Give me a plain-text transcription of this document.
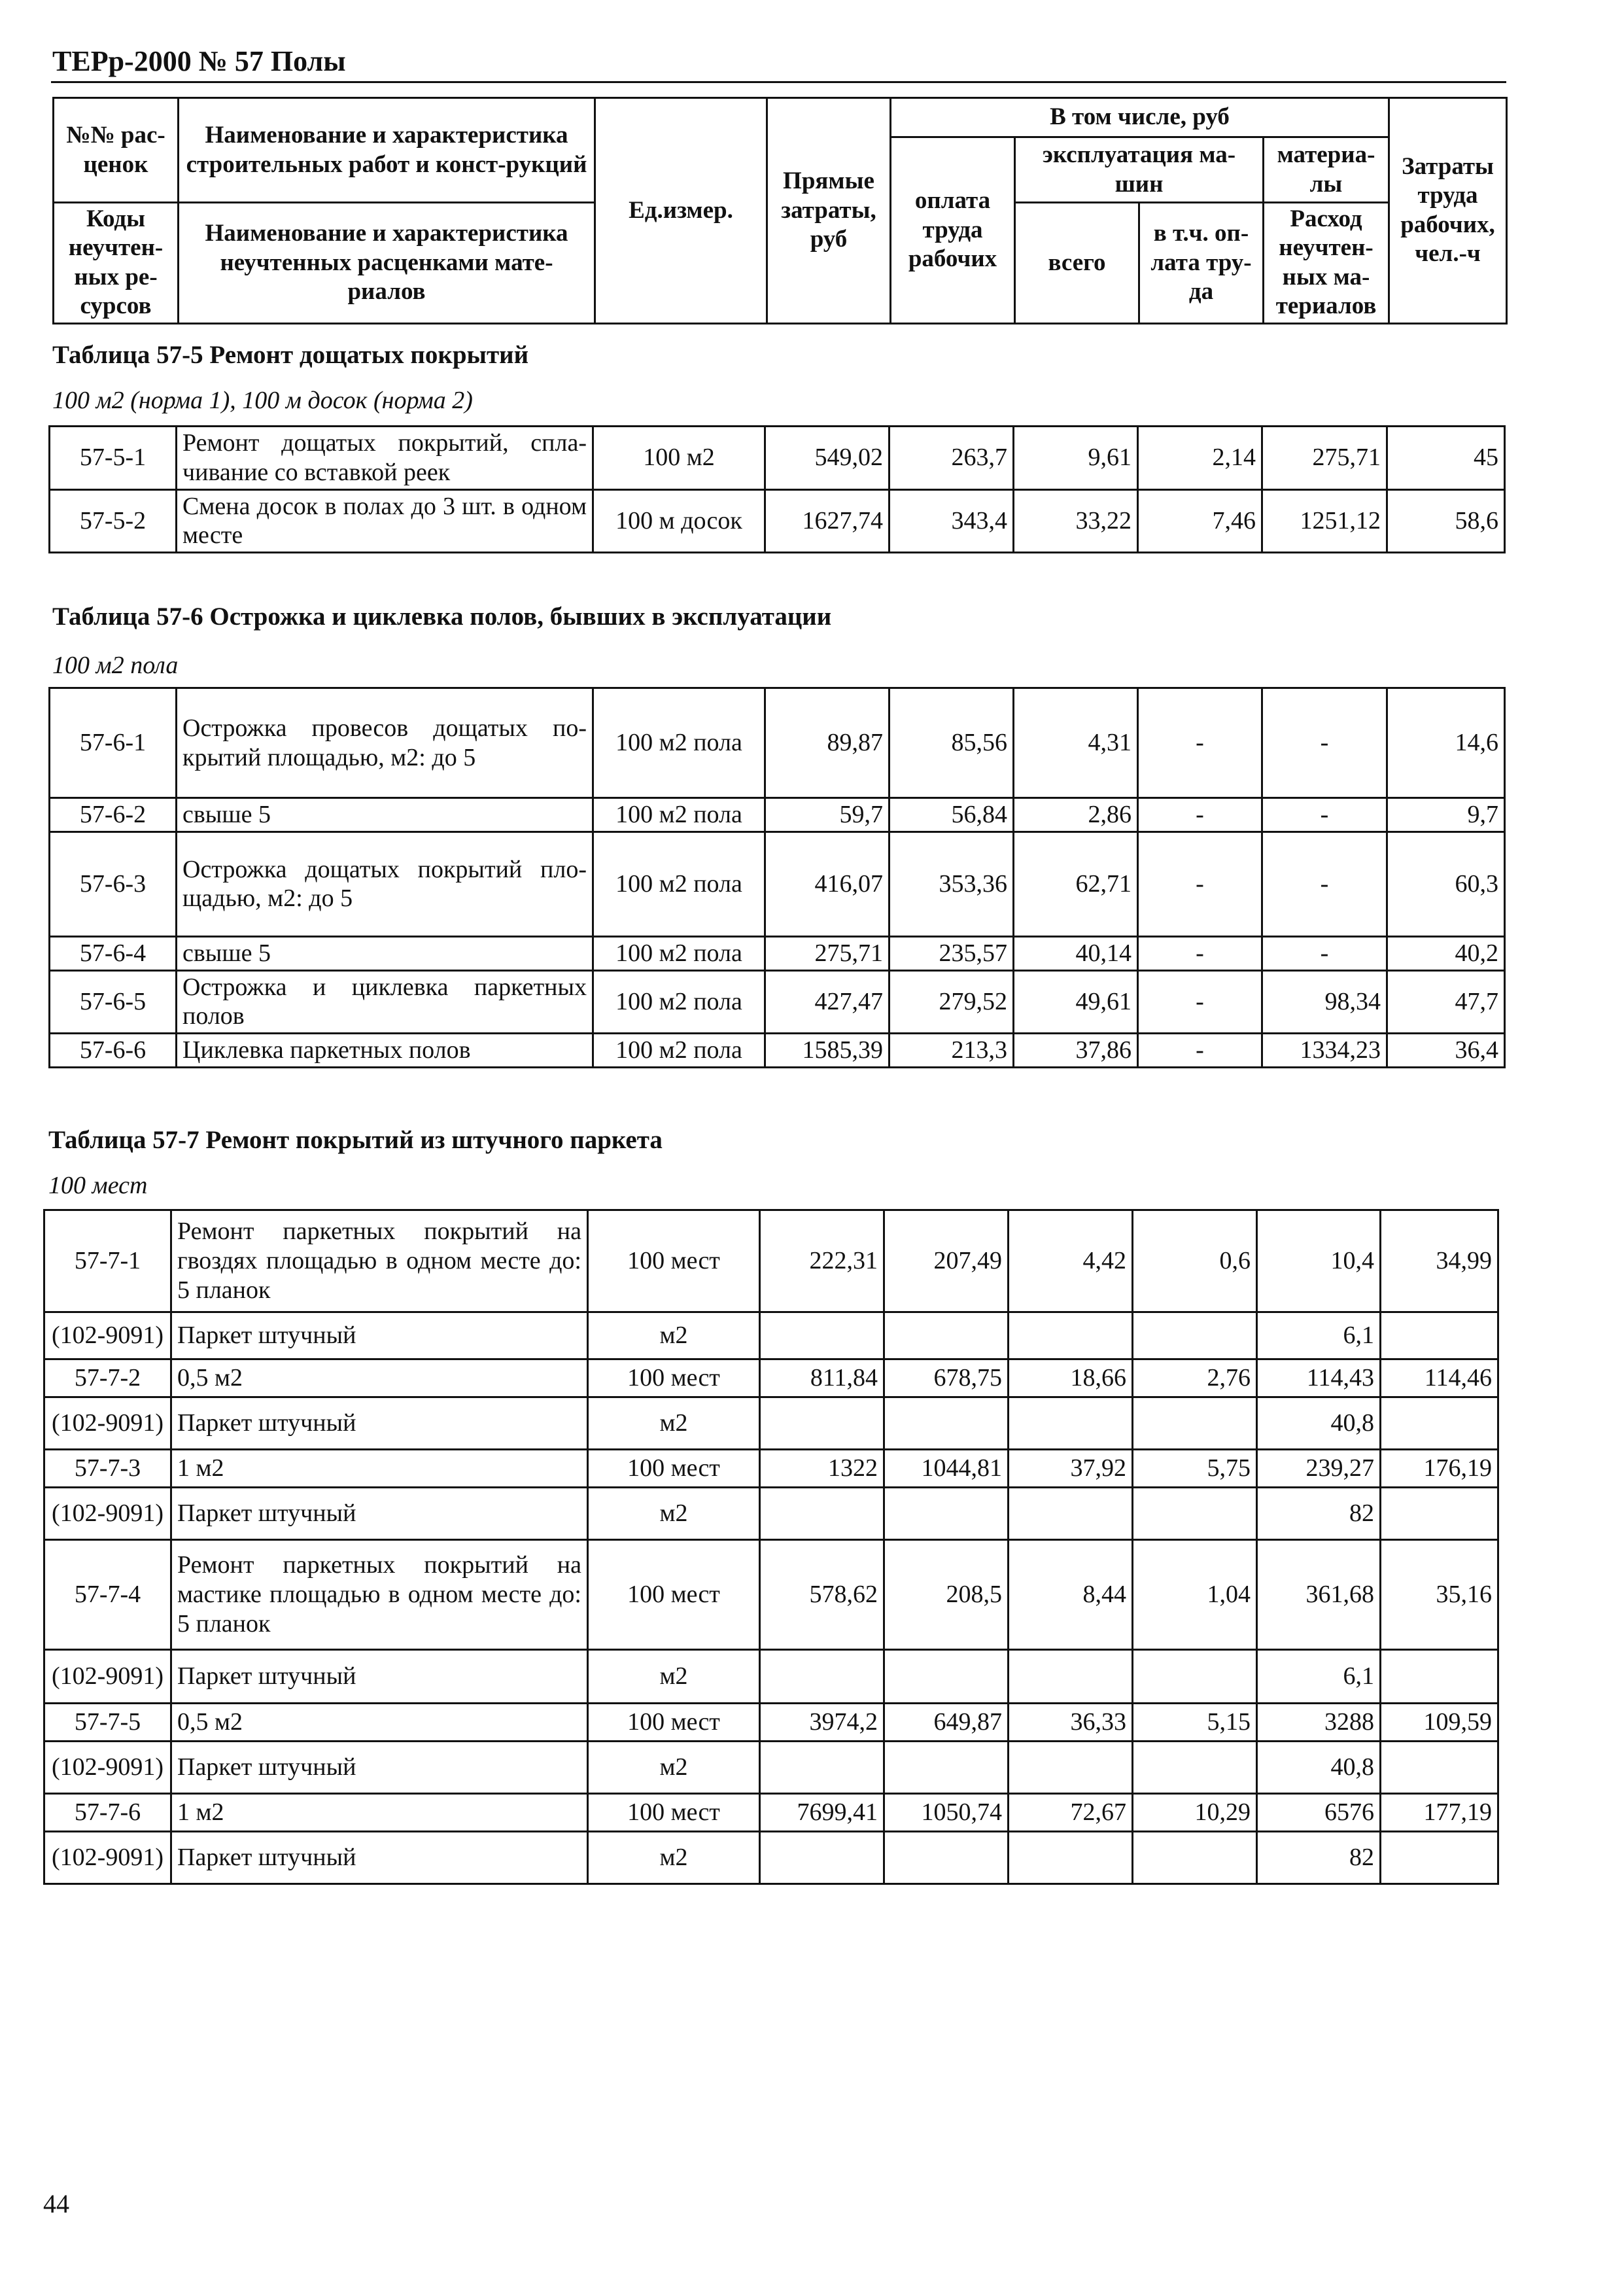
ТЕРр-2000 № 57 Полы
№№ рас-ценок	Наименование и характеристика строительных работ и конст-рукций	Ед.измер.	Прямые затраты, руб	В том числе, руб				Затраты труда рабочих, чел.-ч
				оплата труда рабочих	эксплуатация ма-шин		материа-лы	

Коды неучтен-ных ре-сурсов	Наименование и характеристика неучтенных расценками мате-риалов				всего	в т.ч. оп-лата тру-да	Расход неучтен-ных ма-териалов	

Таблица 57-5 Ремонт дощатых покрытий
100 м2 (норма 1), 100 м досок (норма 2)
57-5-1	Ремонт дощатых покрытий, спла-чивание со вставкой реек	100 м2	549,02	263,7	9,61	2,14	275,71	45
57-5-2	Смена досок в полах до 3 шт. в одном месте	100 м досок	1627,74	343,4	33,22	7,46	1251,12	58,6
Таблица 57-6 Острожка и циклевка полов, бывших в эксплуатации
100 м2 пола
57-6-1	Острожка провесов дощатых по-крытий площадью, м2: до 5	100 м2 пола	89,87	85,56	4,31	-	-	14,6
57-6-2	свыше 5	100 м2 пола	59,7	56,84	2,86	-	-	9,7
57-6-3	Острожка дощатых покрытий пло-щадью, м2: до 5	100 м2 пола	416,07	353,36	62,71	-	-	60,3
57-6-4	свыше 5	100 м2 пола	275,71	235,57	40,14	-	-	40,2
57-6-5	Острожка и циклевка паркетных полов	100 м2 пола	427,47	279,52	49,61	-	98,34	47,7
57-6-6	Циклевка паркетных полов	100 м2 пола	1585,39	213,3	37,86	-	1334,23	36,4
Таблица 57-7 Ремонт покрытий из штучного паркета
100 мест
57-7-1	Ремонт паркетных покрытий на гвоздях площадью в одном месте до: 5 планок	100 мест	222,31	207,49	4,42	0,6	10,4	34,99
(102-9091)	Паркет штучный	м2					6,1	
57-7-2	0,5 м2	100 мест	811,84	678,75	18,66	2,76	114,43	114,46
(102-9091)	Паркет штучный	м2					40,8	
57-7-3	1 м2	100 мест	1322	1044,81	37,92	5,75	239,27	176,19
(102-9091)	Паркет штучный	м2					82	
57-7-4	Ремонт паркетных покрытий на мастике площадью в одном месте до: 5 планок	100 мест	578,62	208,5	8,44	1,04	361,68	35,16
(102-9091)	Паркет штучный	м2					6,1	
57-7-5	0,5 м2	100 мест	3974,2	649,87	36,33	5,15	3288	109,59
(102-9091)	Паркет штучный	м2					40,8	
57-7-6	1 м2	100 мест	7699,41	1050,74	72,67	10,29	6576	177,19
(102-9091)	Паркет штучный	м2					82	
44
